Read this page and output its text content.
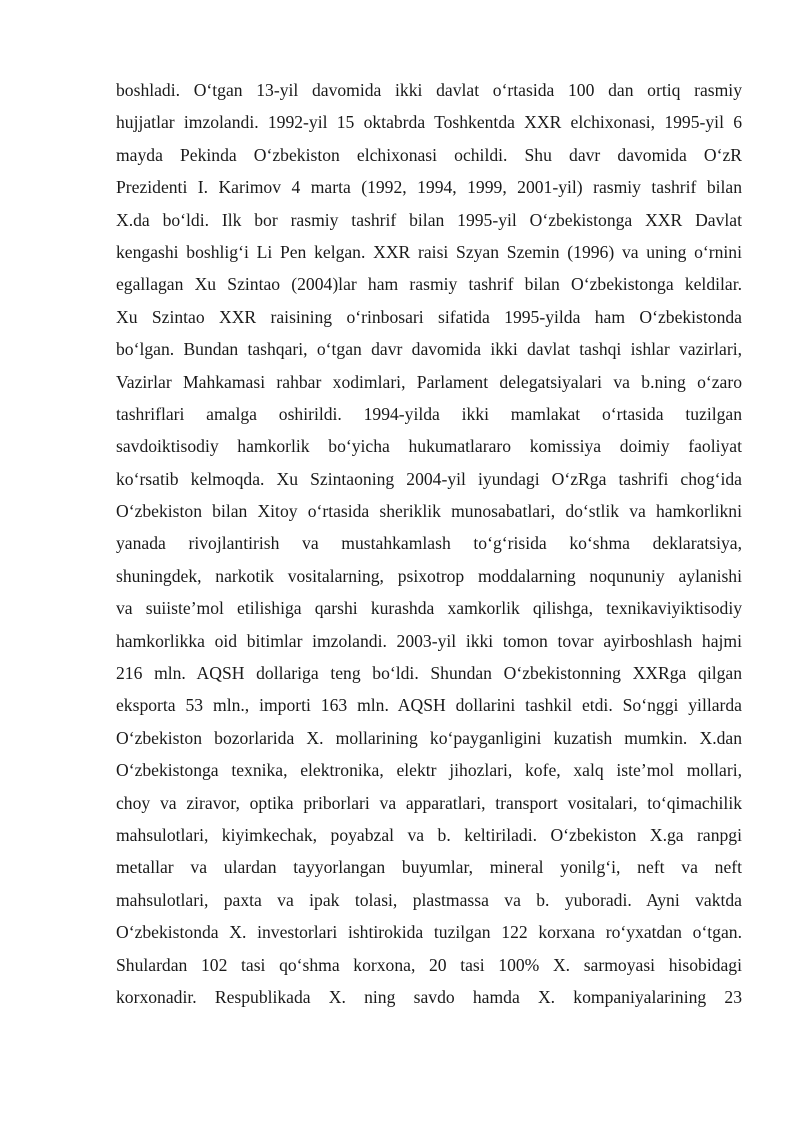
boshladi. O‘tgan 13-yil davomida ikki davlat o‘rtasida 100 dan ortiq rasmiy
hujjatlar imzolandi. 1992-yil 15 oktabrda Toshkentda XXR elchixonasi, 1995-yil 6
mayda Pekinda O‘zbekiston elchixonasi ochildi. Shu davr davomida O‘zR
Prezidenti I. Karimov 4 marta (1992, 1994, 1999, 2001-yil) rasmiy tashrif bilan
X.da bo‘ldi. Ilk bor rasmiy tashrif bilan 1995-yil O‘zbekistonga XXR Davlat
kengashi boshlig‘i Li Pen kelgan. XXR raisi Szyan Szemin (1996) va uning o‘rnini
egallagan Xu Szintao (2004)lar ham rasmiy tashrif bilan O‘zbekistonga keldilar.
Xu Szintao XXR raisining o‘rinbosari sifatida 1995-yilda ham O‘zbekistonda
bo‘lgan. Bundan tashqari, o‘tgan davr davomida ikki davlat tashqi ishlar vazirlari,
Vazirlar Mahkamasi rahbar xodimlari, Parlament delegatsiyalari va b.ning o‘zaro
tashriflari amalga oshirildi. 1994-yilda ikki mamlakat o‘rtasida tuzilgan
savdoiktisodiy hamkorlik bo‘yicha hukumatlararo komissiya doimiy faoliyat
ko‘rsatib kelmoqda. Xu Szintaoning 2004-yil iyundagi O‘zRga tashrifi chog‘ida
O‘zbekiston bilan Xitoy o‘rtasida sheriklik munosabatlari, do‘stlik va hamkorlikni
yanada rivojlantirish va mustahkamlash to‘g‘risida ko‘shma deklaratsiya,
shuningdek, narkotik vositalarning, psixotrop moddalarning noqununiy aylanishi
va suiiste’mol etilishiga qarshi kurashda xamkorlik qilishga, texnikaviyiktisodiy
hamkorlikka oid bitimlar imzolandi. 2003-yil ikki tomon tovar ayirboshlash hajmi
216 mln. AQSH dollariga teng bo‘ldi. Shundan O‘zbekistonning XXRga qilgan
eksporta 53 mln., importi 163 mln. AQSH dollarini tashkil etdi. So‘nggi yillarda
O‘zbekiston bozorlarida X. mollarining ko‘payganligini kuzatish mumkin. X.dan
O‘zbekistonga texnika, elektronika, elektr jihozlari, kofe, xalq iste’mol mollari,
choy va ziravor, optika priborlari va apparatlari, transport vositalari, to‘qimachilik
mahsulotlari, kiyimkechak, poyabzal va b. keltiriladi. O‘zbekiston X.ga ranpgi
metallar va ulardan tayyorlangan buyumlar, mineral yonilg‘i, neft va neft
mahsulotlari, paxta va ipak tolasi, plastmassa va b. yuboradi. Ayni vaktda
O‘zbekistonda X. investorlari ishtirokida tuzilgan 122 korxana ro‘yxatdan o‘tgan.
Shulardan 102 tasi qo‘shma korxona, 20 tasi 100% X. sarmoyasi hisobidagi
korxonadir. Respublikada X. ning savdo hamda X. kompaniyalarining 23
